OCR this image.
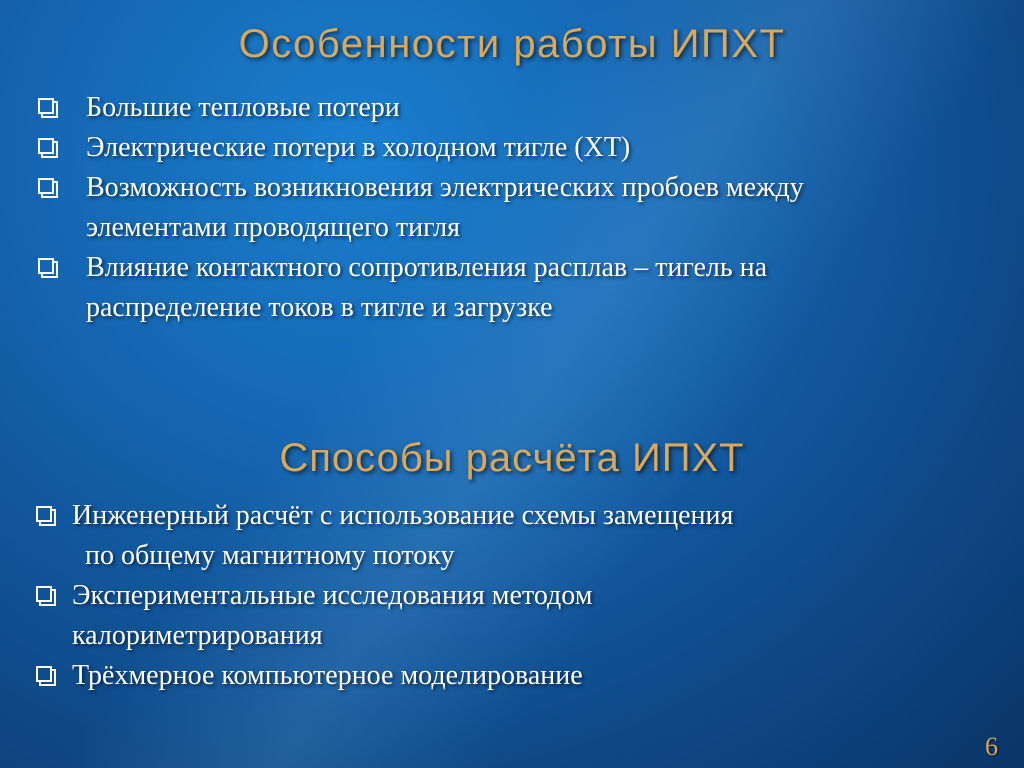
Особенности работы ИПХТ
Большие тепловые потери
Электрические потери в холодном тигле (ХТ)
Возможность возникновения электрических пробоев между
элементами проводящего тигля
Влияние контактного сопротивления расплав – тигель на
распределение токов в тигле и загрузке
Способы расчёта ИПХТ
Инженерный расчёт с использование схемы замещения
по общему магнитному потоку
Экспериментальные исследования методом
калориметрирования
Трёхмерное компьютерное моделирование
6
